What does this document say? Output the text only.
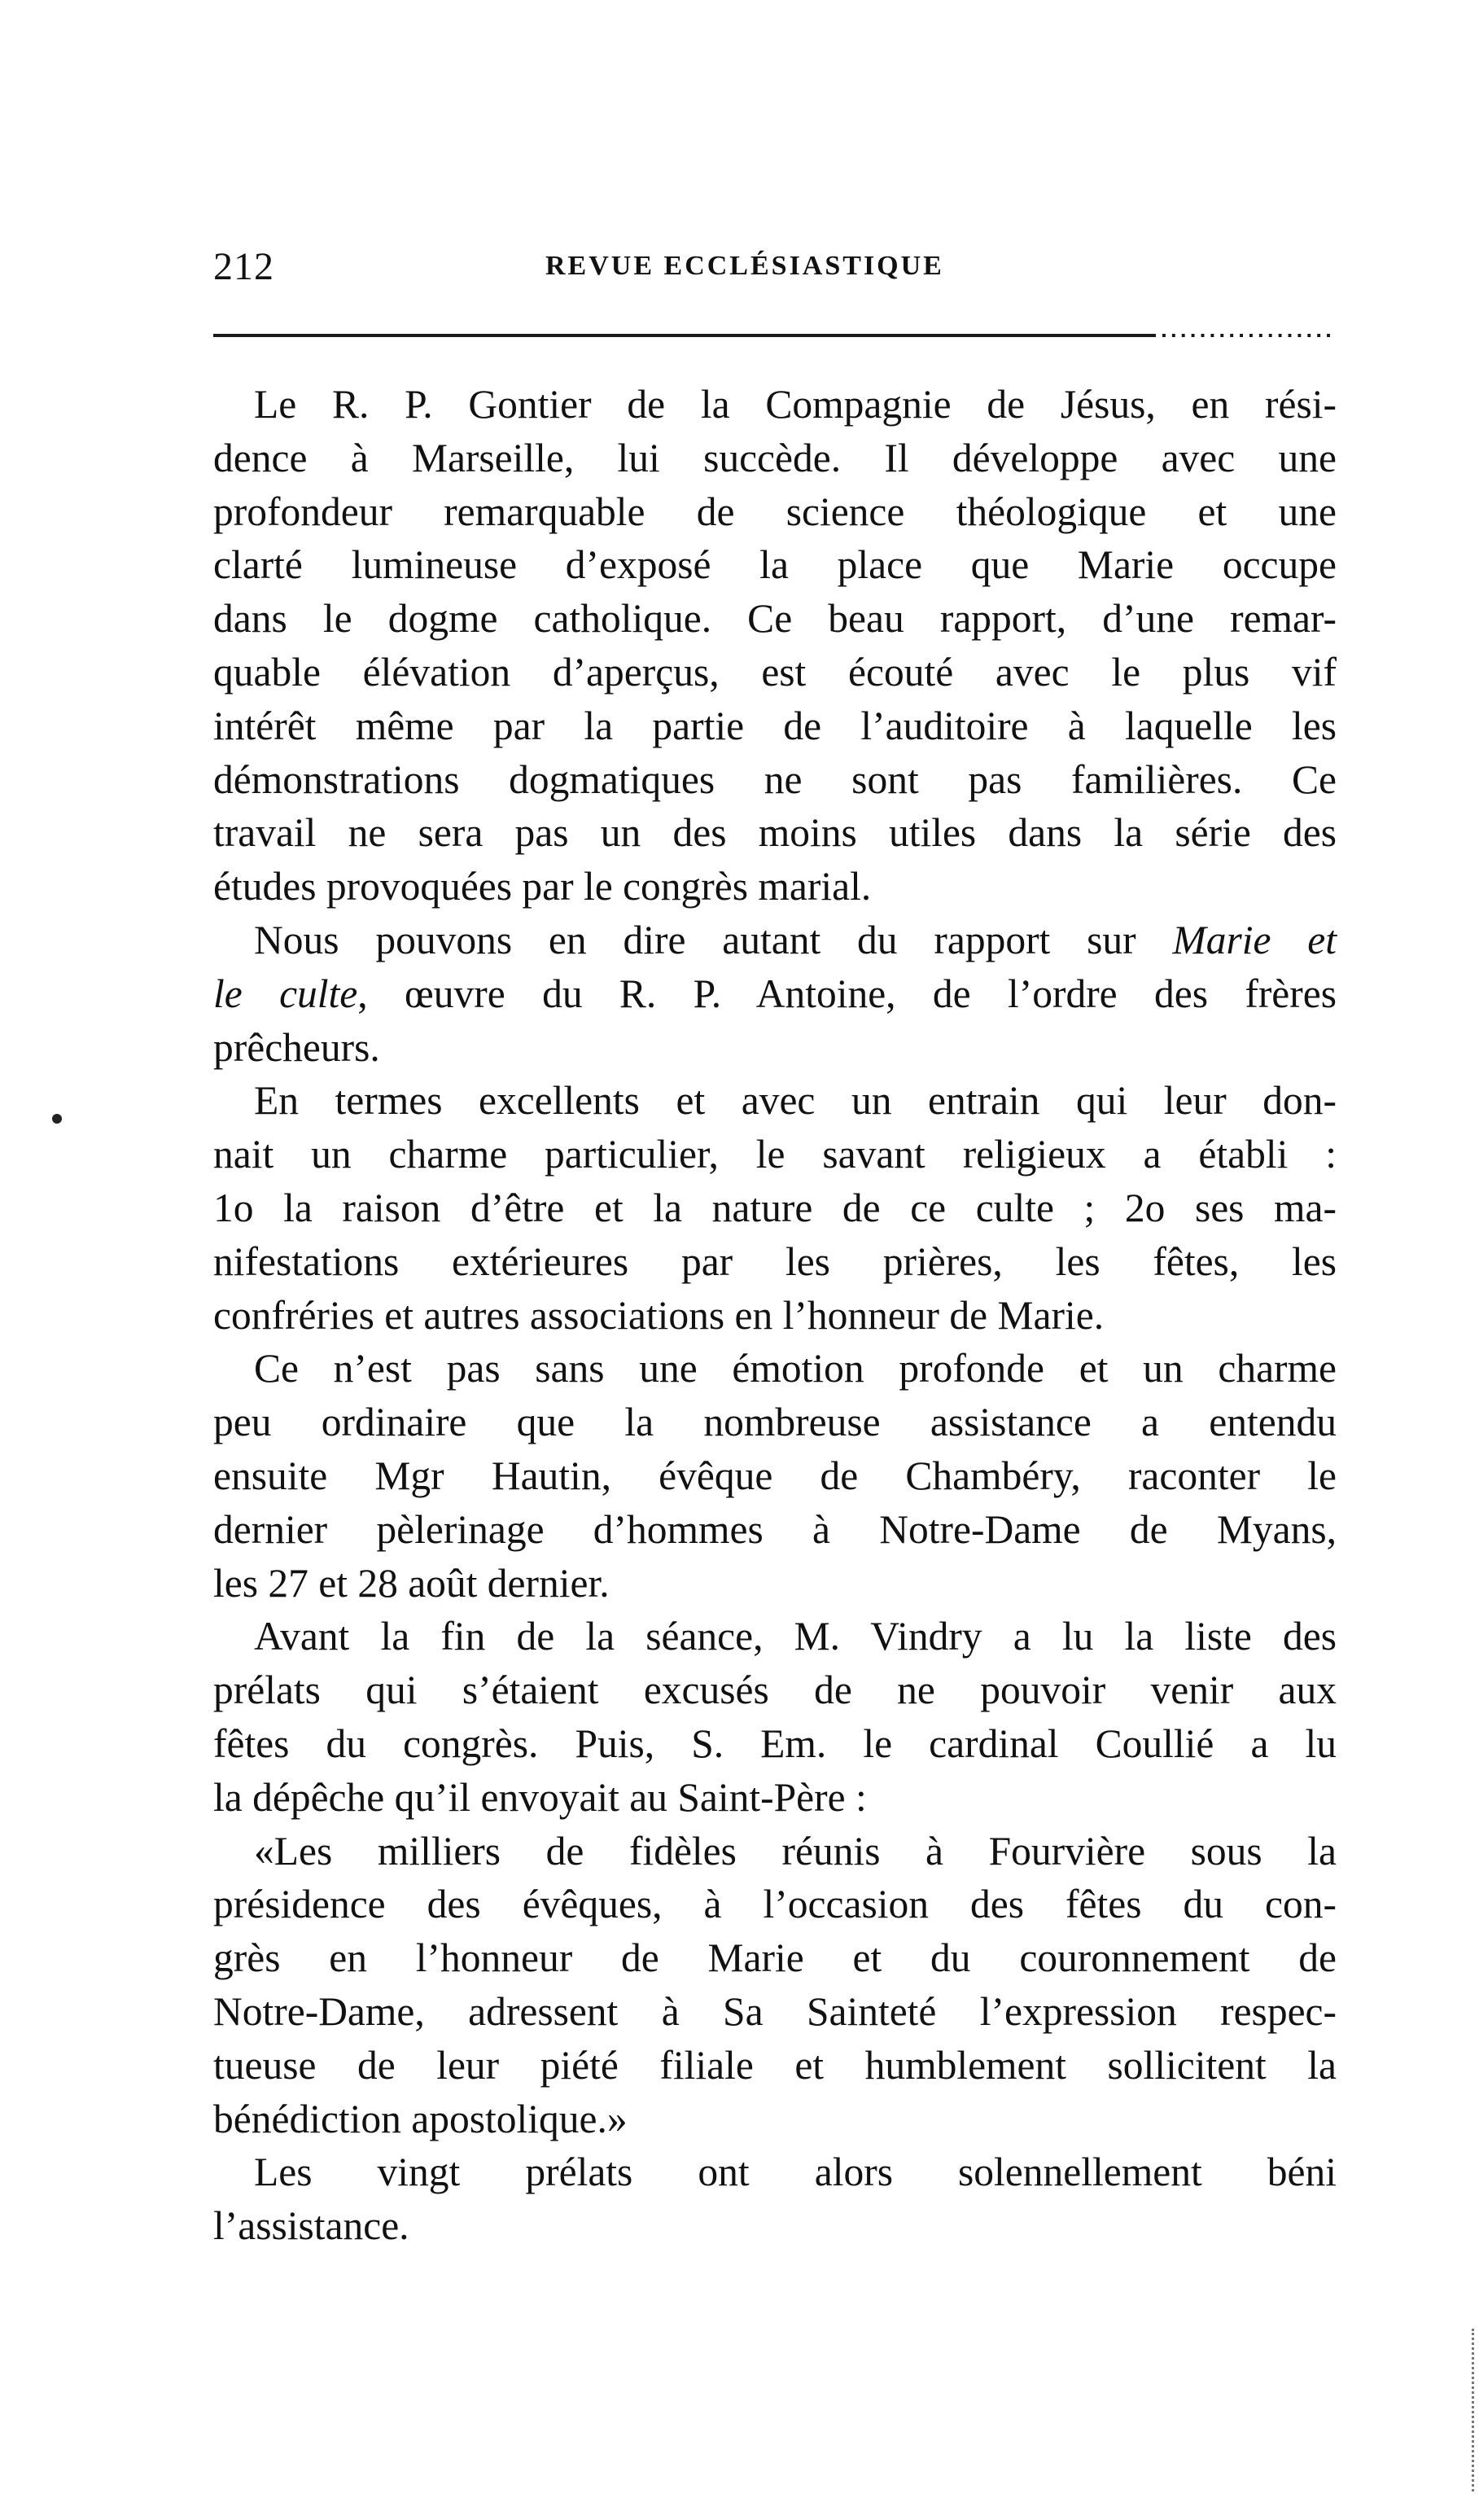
212	REVUE ECCLÉSIASTIQUE
Le R. P. Gontier de la Compagnie de Jésus, en rési-
dence à Marseille, lui succède. Il développe avec une
profondeur remarquable de science théologique et une
clarté lumineuse d’exposé la place que Marie occupe
dans le dogme catholique. Ce beau rapport, d’une remar-
quable élévation d’aperçus, est écouté avec le plus vif
intérêt même par la partie de l’auditoire à laquelle les
démonstrations dogmatiques ne sont pas familières. Ce
travail ne sera pas un des moins utiles dans la série des
études provoquées par le congrès marial.
Nous pouvons en dire autant du rapport sur Marie et
le culte, œuvre du R. P. Antoine, de l’ordre des frères
prêcheurs.
En termes excellents et avec un entrain qui leur don-
nait un charme particulier, le savant religieux a établi :
1o la raison d’être et la nature de ce culte ; 2o ses ma-
nifestations extérieures par les prières, les fêtes, les
confréries et autres associations en l’honneur de Marie.
Ce n’est pas sans une émotion profonde et un charme
peu ordinaire que la nombreuse assistance a entendu
ensuite Mgr Hautin, évêque de Chambéry, raconter le
dernier pèlerinage d’hommes à Notre-Dame de Myans,
les 27 et 28 août dernier.
Avant la fin de la séance, M. Vindry a lu la liste des
prélats qui s’étaient excusés de ne pouvoir venir aux
fêtes du congrès. Puis, S. Em. le cardinal Coullié a lu
la dépêche qu’il envoyait au Saint-Père :
«Les milliers de fidèles réunis à Fourvière sous la
présidence des évêques, à l’occasion des fêtes du con-
grès en l’honneur de Marie et du couronnement de
Notre-Dame, adressent à Sa Sainteté l’expression respec-
tueuse de leur piété filiale et humblement sollicitent la
bénédiction apostolique.»
Les vingt prélats ont alors solennellement béni
l’assistance.
